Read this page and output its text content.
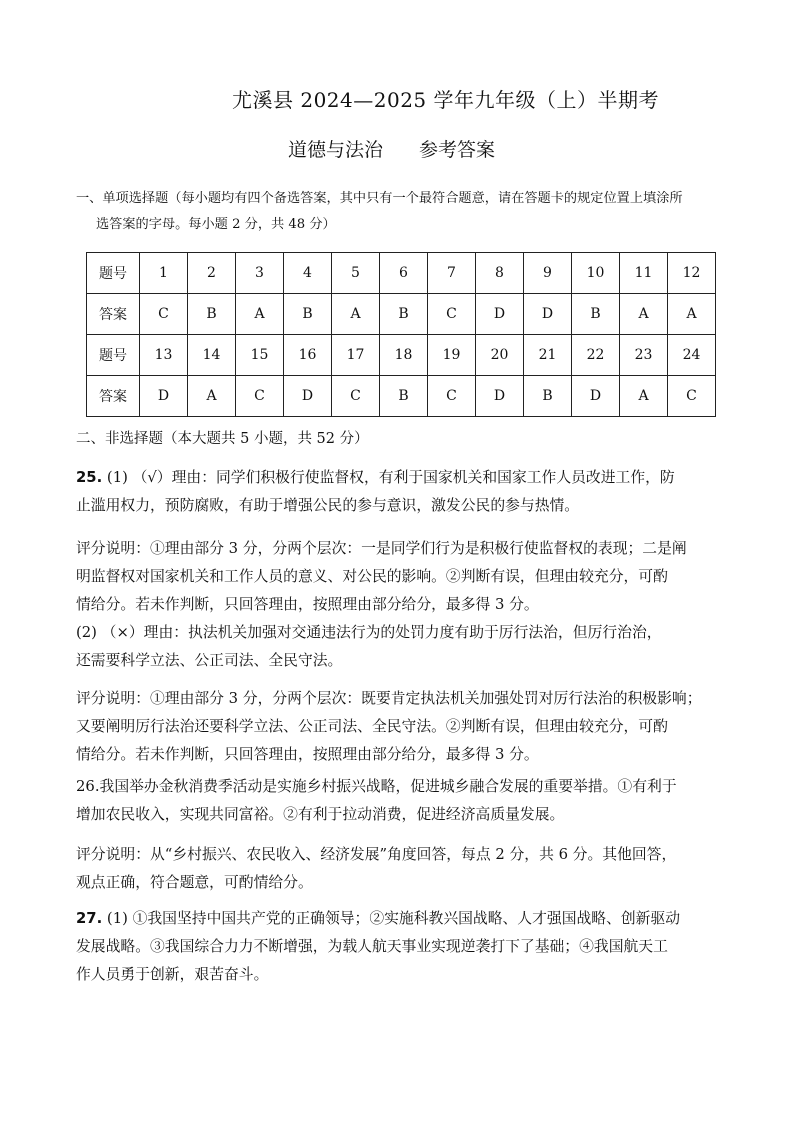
尤溪县 2024—2025 学年九年级（上）半期考
道德与法治 参考答案
一、单项选择题（每小题均有四个备选答案，其中只有一个最符合题意，请在答题卡的规定位置上填涂所
选答案的字母。每小题 2 分，共 48 分）
题号	1	2	3	4	5	6	7	8	9	10	11	12
答案	C	B	A	B	A	B	C	D	D	B	A	A
题号	13	14	15	16	17	18	19	20	21	22	23	24
答案	D	A	C	D	C	B	C	D	B	D	A	C
二、非选择题（本大题共 5 小题，共 52 分）
25. (1) （√）理由：同学们积极行使监督权，有利于国家机关和国家工作人员改进工作，防
止滥用权力，预防腐败，有助于增强公民的参与意识，激发公民的参与热情。
评分说明：①理由部分 3 分，分两个层次：一是同学们行为是积极行使监督权的表现；二是阐
明监督权对国家机关和工作人员的意义、对公民的影响。②判断有误，但理由较充分，可酌
情给分。若未作判断，只回答理由，按照理由部分给分，最多得 3 分。
(2) （×）理由：执法机关加强对交通违法行为的处罚力度有助于厉行法治，但厉行治治，
还需要科学立法、公正司法、全民守法。
评分说明：①理由部分 3 分，分两个层次：既要肯定执法机关加强处罚对厉行法治的积极影响；
又要阐明厉行法治还要科学立法、公正司法、全民守法。②判断有误，但理由较充分，可酌
情给分。若未作判断，只回答理由，按照理由部分给分，最多得 3 分。
26.我国举办金秋消费季活动是实施乡村振兴战略，促进城乡融合发展的重要举措。①有利于
增加农民收入，实现共同富裕。②有利于拉动消费，促进经济高质量发展。
评分说明：从“乡村振兴、农民收入、经济发展”角度回答，每点 2 分，共 6 分。其他回答，
观点正确，符合题意，可酌情给分。
27. (1) ①我国坚持中国共产党的正确领导；②实施科教兴国战略、人才强国战略、创新驱动
发展战略。③我国综合力力不断增强，为载人航天事业实现逆袭打下了基础；④我国航天工
作人员勇于创新，艰苦奋斗。
